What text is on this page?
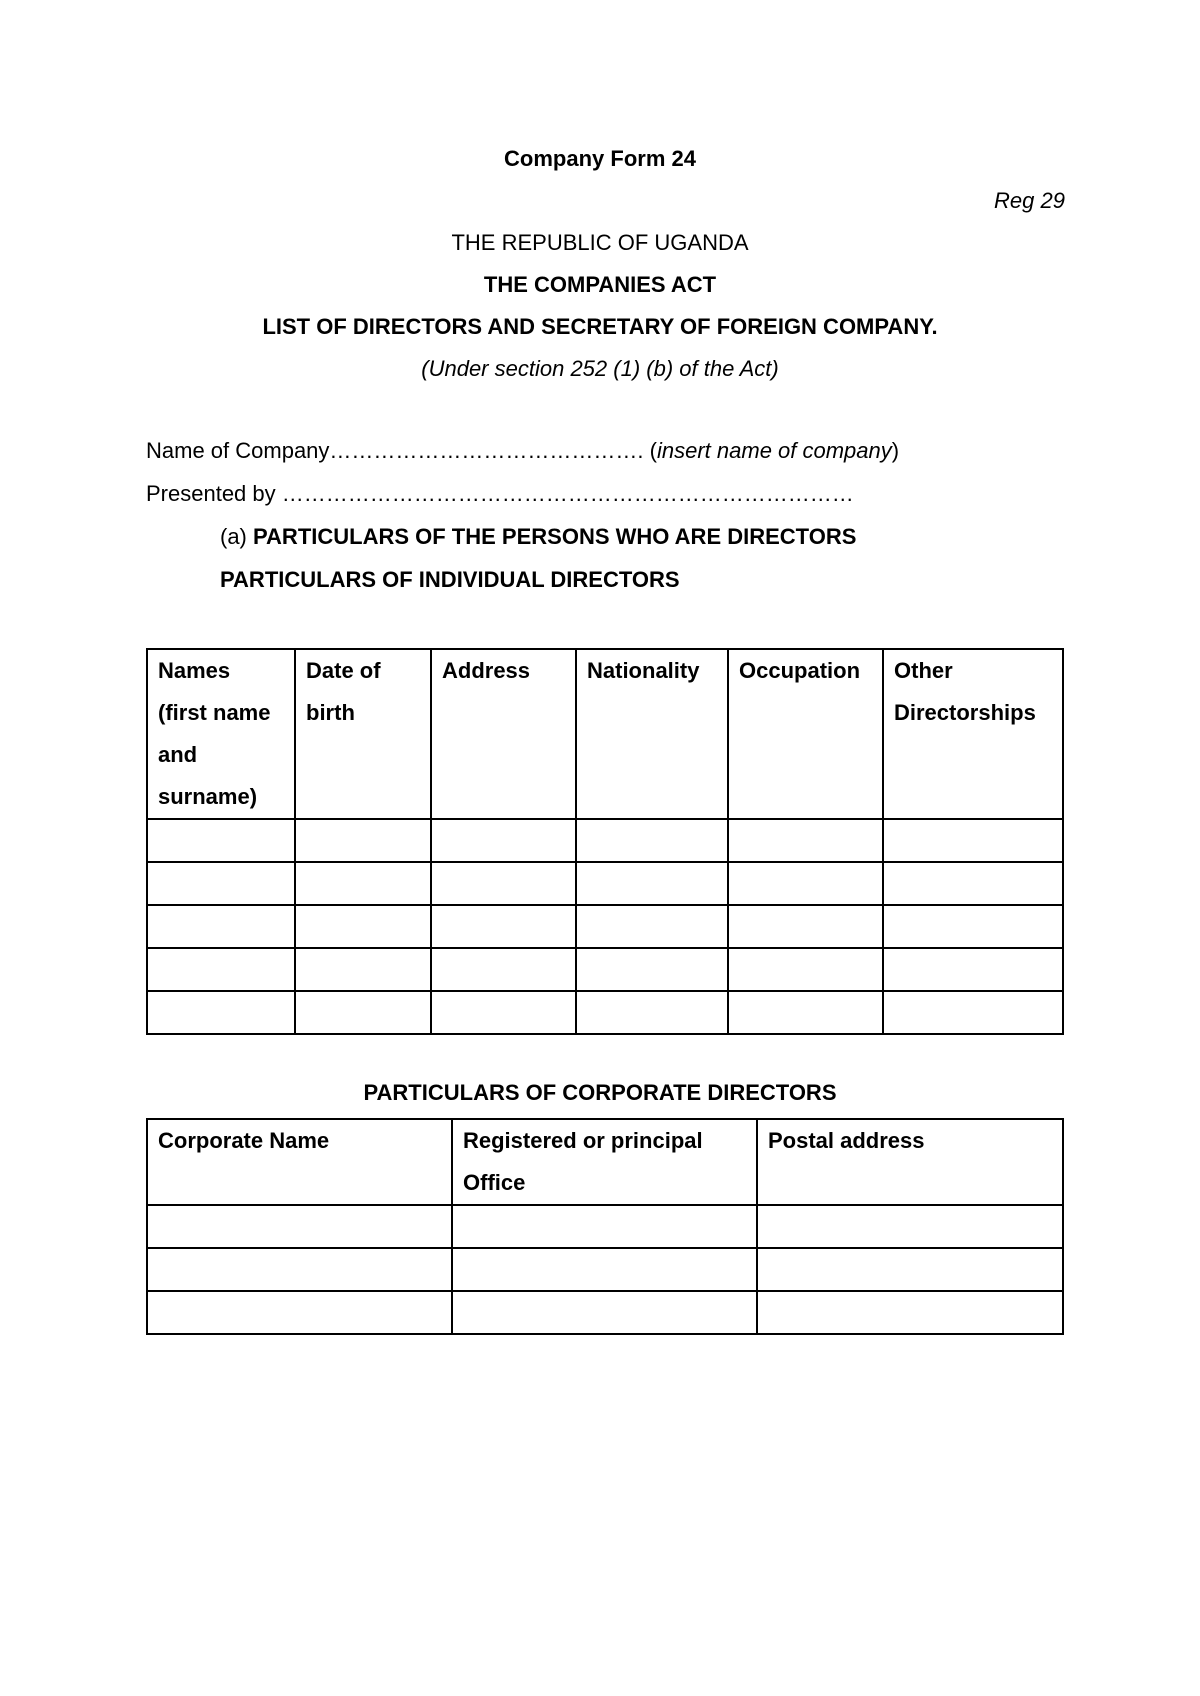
Company Form 24
Reg 29
THE REPUBLIC OF UGANDA
THE COMPANIES ACT
LIST OF DIRECTORS AND SECRETARY OF FOREIGN COMPANY.
(Under section 252 (1) (b) of the Act)
Name of Company……………………………………. (insert name of company)
Presented by ……………………………………………………………………
(a) PARTICULARS OF THE PERSONS WHO ARE DIRECTORS
PARTICULARS OF INDIVIDUAL DIRECTORS
Names (first name and surname)	Date of birth	Address	Nationality	Occupation	Other Directorships

PARTICULARS OF CORPORATE DIRECTORS
Corporate Name	Registered or principal Office	Postal address
